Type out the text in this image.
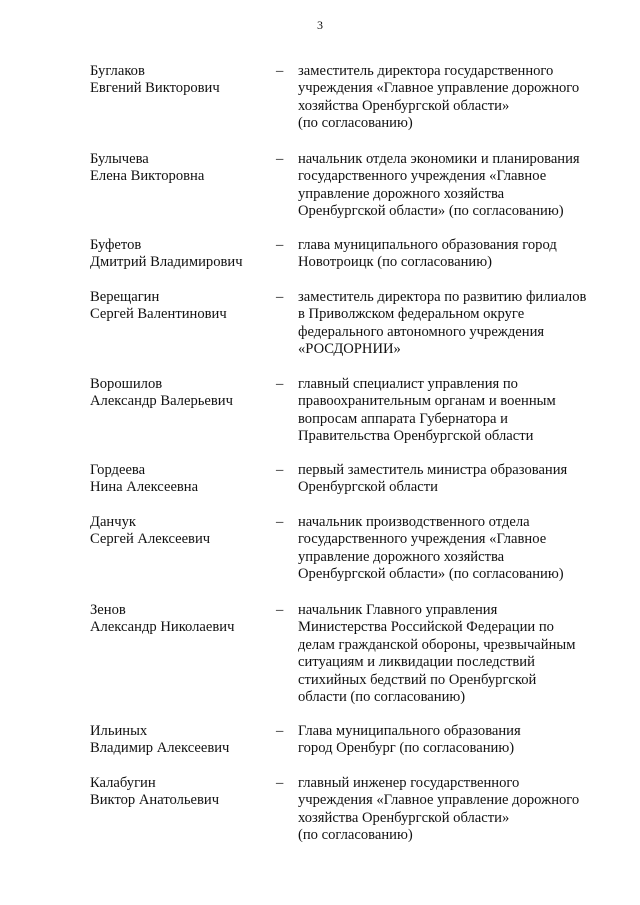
3
Буглаков
Евгений Викторович
– заместитель директора государственного
учреждения «Главное управление дорожного
хозяйства Оренбургской области»
(по согласованию)
Булычева
Елена Викторовна
– начальник отдела экономики и планирования
государственного учреждения «Главное
управление дорожного хозяйства
Оренбургской области» (по согласованию)
Буфетов
Дмитрий Владимирович
– глава муниципального образования город
Новотроицк (по согласованию)
Верещагин
Сергей Валентинович
– заместитель директора по развитию филиалов
в Приволжском федеральном округе
федерального автономного учреждения
«РОСДОРНИИ»
Ворошилов
Александр Валерьевич
– главный специалист управления по
правоохранительным органам и военным
вопросам аппарата Губернатора и
Правительства Оренбургской области
Гордеева
Нина Алексеевна
– первый заместитель министра образования
Оренбургской области
Данчук
Сергей Алексеевич
– начальник производственного отдела
государственного учреждения «Главное
управление дорожного хозяйства
Оренбургской области» (по согласованию)
Зенов
Александр Николаевич
– начальник Главного управления
Министерства Российской Федерации по
делам гражданской обороны, чрезвычайным
ситуациям и ликвидации последствий
стихийных бедствий по Оренбургской
области (по согласованию)
Ильиных
Владимир Алексеевич
– Глава муниципального образования
город Оренбург (по согласованию)
Калабугин
Виктор Анатольевич
– главный инженер государственного
учреждения «Главное управление дорожного
хозяйства Оренбургской области»
(по согласованию)
